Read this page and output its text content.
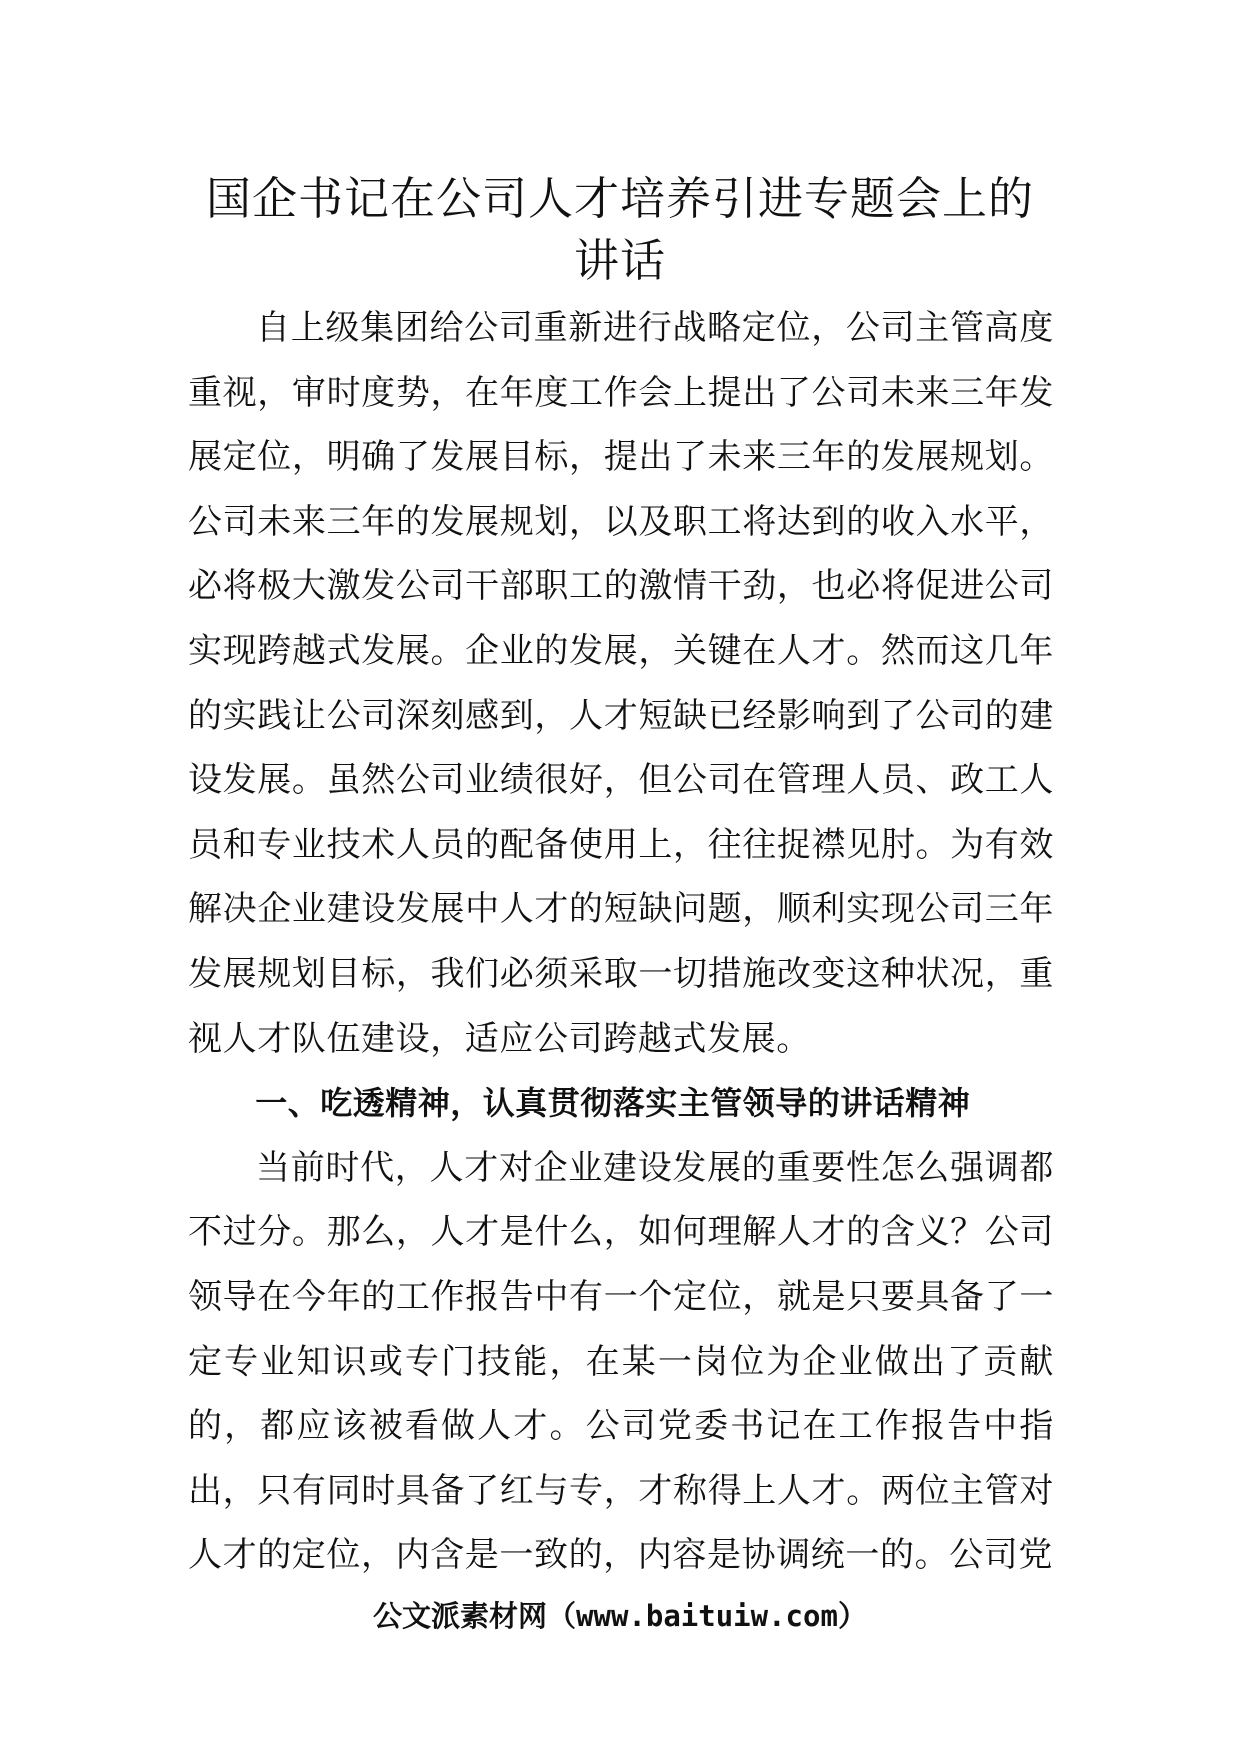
国企书记在公司人才培养引进专题会上的
讲话

自上级集团给公司重新进行战略定位，公司主管高度重视，审时度势，在年度工作会上提出了公司未来三年发展定位，明确了发展目标，提出了未来三年的发展规划。公司未来三年的发展规划，以及职工将达到的收入水平，必将极大激发公司干部职工的激情干劲，也必将促进公司实现跨越式发展。企业的发展，关键在人才。然而这几年的实践让公司深刻感到，人才短缺已经影响到了公司的建设发展。虽然公司业绩很好，但公司在管理人员、政工人员和专业技术人员的配备使用上，往往捉襟见肘。为有效解决企业建设发展中人才的短缺问题，顺利实现公司三年发展规划目标，我们必须采取一切措施改变这种状况，重视人才队伍建设，适应公司跨越式发展。

一、吃透精神，认真贯彻落实主管领导的讲话精神

当前时代，人才对企业建设发展的重要性怎么强调都不过分。那么，人才是什么，如何理解人才的含义？公司领导在今年的工作报告中有一个定位，就是只要具备了一定专业知识或专门技能，在某一岗位为企业做出了贡献的，都应该被看做人才。公司党委书记在工作报告中指出，只有同时具备了红与专，才称得上人才。两位主管对人才的定位，内含是一致的，内容是协调统一的。公司党

公文派素材网（www.baituiw.com）
